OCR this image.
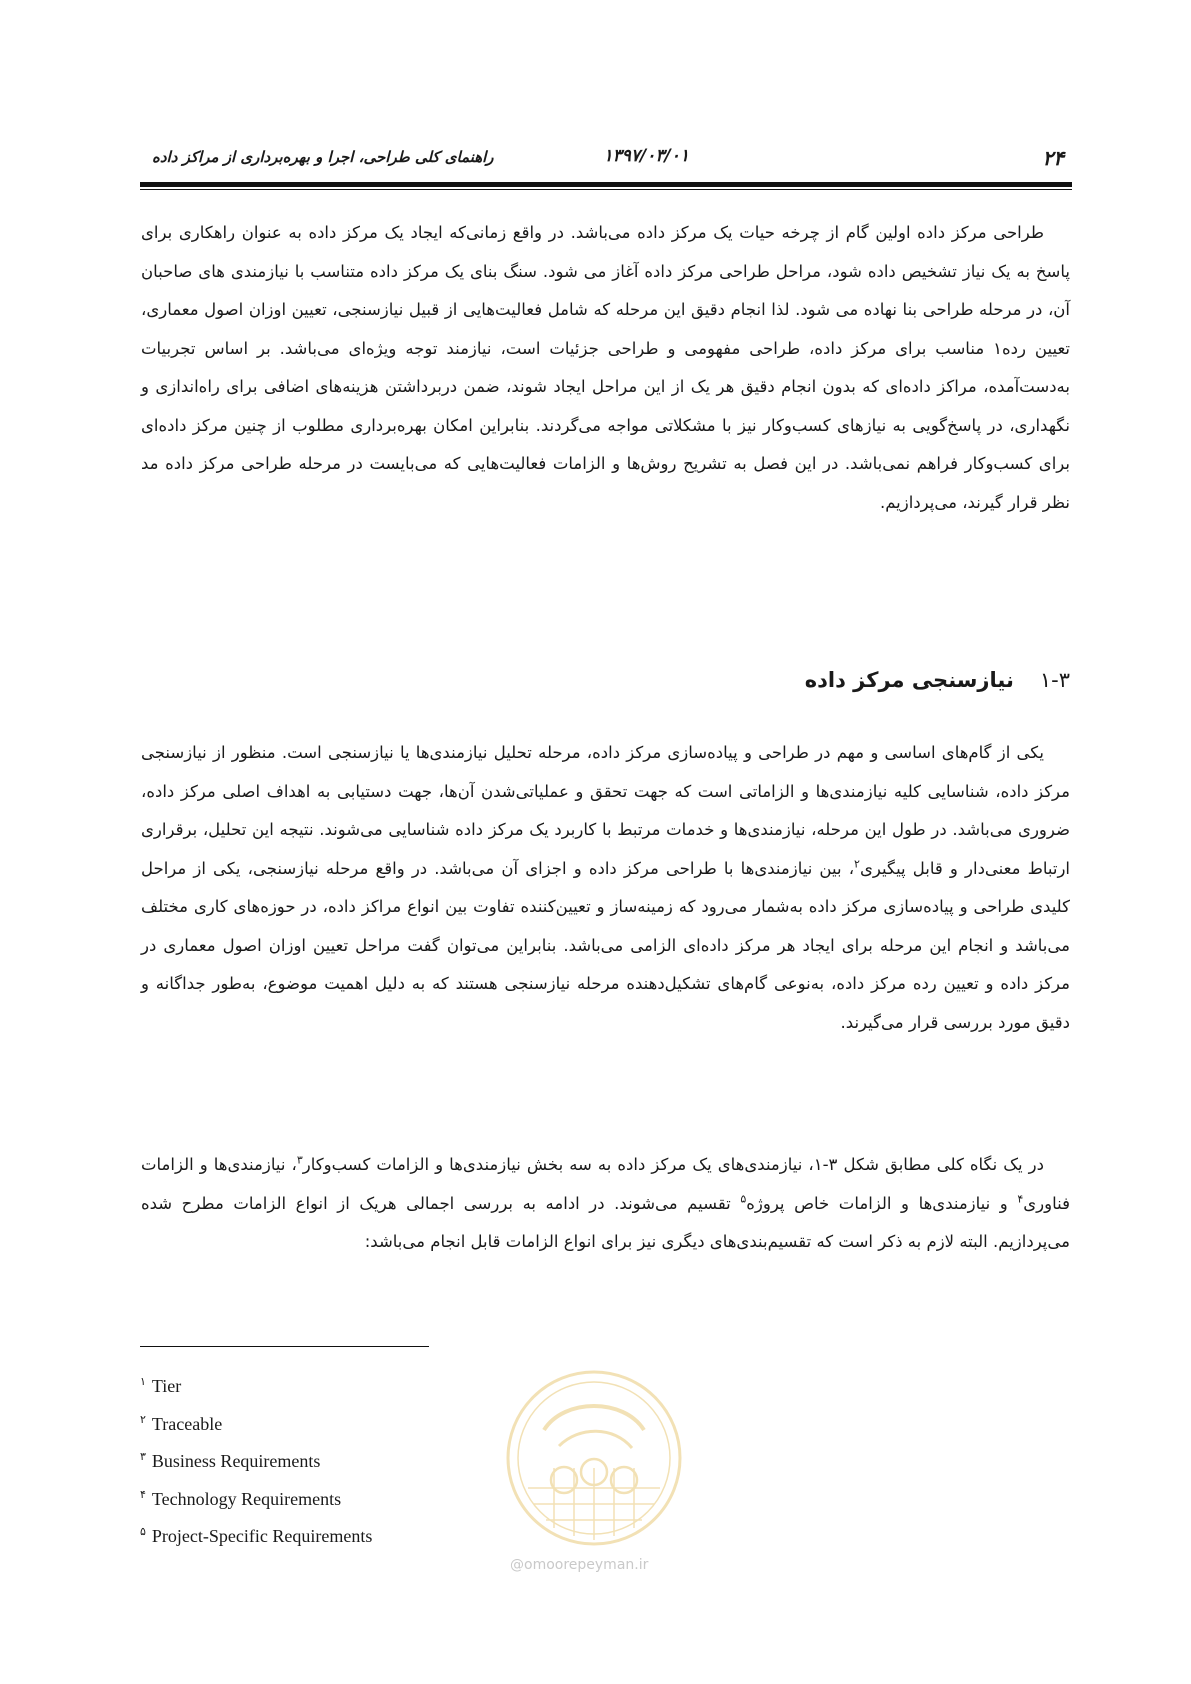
۲۴
۱۳۹۷/۰۳/۰۱
راهنمای کلی طراحی، اجرا و بهره‌برداری از مراکز داده
طراحی مرکز داده اولین گام از چرخه حیات یک مرکز داده می‌باشد. در واقع زمانی‌که ایجاد یک مرکز داده به عنوان راهکاری برای پاسخ به یک نیاز تشخیص داده شود، مراحل طراحی مرکز داده آغاز می شود. سنگ بنای یک مرکز داده متناسب با نیازمندی های صاحبان آن، در مرحله طراحی بنا نهاده می شود. لذا انجام دقیق این مرحله که شامل فعالیت‌هایی از قبیل نیازسنجی، تعیین اوزان اصول معماری، تعیین رده۱ مناسب برای مرکز داده، طراحی مفهومی و طراحی جزئیات است، نیازمند توجه ویژه‌ای می‌باشد. بر اساس تجربیات به‌دست‌آمده، مراکز داده‌ای که بدون انجام دقیق هر یک از این مراحل ایجاد شوند، ضمن دربرداشتن هزینه‌های اضافی برای راه‌اندازی و نگهداری، در پاسخ‌گویی به نیازهای کسب‌وکار نیز با مشکلاتی مواجه می‌گردند. بنابراین امکان بهره‌برداری مطلوب از چنین مرکز داده‌ای برای کسب‌وکار فراهم نمی‌باشد. در این فصل به تشریح روش‌ها و الزامات فعالیت‌هایی که می‌بایست در مرحله طراحی مرکز داده مد نظر قرار گیرند، می‌پردازیم.
۱-۳نیازسنجی مرکز داده
یکی از گام‌های اساسی و مهم در طراحی و پیاده‌سازی مرکز داده، مرحله تحلیل نیازمندی‌ها یا نیازسنجی است. منظور از نیازسنجی مرکز داده، شناسایی کلیه نیازمندی‌ها و الزاماتی است که جهت تحقق و عملیاتی‌شدن آن‌ها، جهت دستیابی به اهداف اصلی مرکز داده، ضروری می‌باشد. در طول این مرحله، نیازمندی‌ها و خدمات مرتبط با کاربرد یک مرکز داده شناسایی می‌شوند. نتیجه این تحلیل، برقراری ارتباط معنی‌دار و قابل پیگیری$^۲$، بین نیازمندی‌ها با طراحی مرکز داده و اجزای آن می‌باشد. در واقع مرحله نیازسنجی، یکی از مراحل کلیدی طراحی و پیاده‌سازی مرکز داده به‌شمار می‌رود که زمینه‌ساز و تعیین‌کننده تفاوت بین انواع مراکز داده، در حوزه‌های کاری مختلف می‌باشد و انجام این مرحله برای ایجاد هر مرکز داده‌ای الزامی می‌باشد. بنابراین می‌توان گفت مراحل تعیین اوزان اصول معماری در مرکز داده و تعیین رده مرکز داده، به‌نوعی گام‌های تشکیل‌دهنده مرحله نیازسنجی هستند که به دلیل اهمیت موضوع، به‌طور جداگانه و دقیق مورد بررسی قرار می‌گیرند.
در یک نگاه کلی مطابق شکل ۳-۱، نیازمندی‌های یک مرکز داده به سه بخش نیازمندی‌ها و الزامات کسب‌وکار$^۳$، نیازمندی‌ها و الزامات فناوری$^۴$ و نیازمندی‌ها و الزامات خاص پروژه$^۵$ تقسیم می‌شوند. در ادامه به بررسی اجمالی هریک از انواع الزامات مطرح شده می‌پردازیم. البته لازم به ذکر است که تقسیم‌بندی‌های دیگری نیز برای انواع الزامات قابل انجام می‌باشد:
$^۱$ Tier
$^۲$ Traceable
$^۳$ Business Requirements
$^۴$ Technology Requirements
$^۵$ Project-Specific Requirements
@omoorepeyman.ir
